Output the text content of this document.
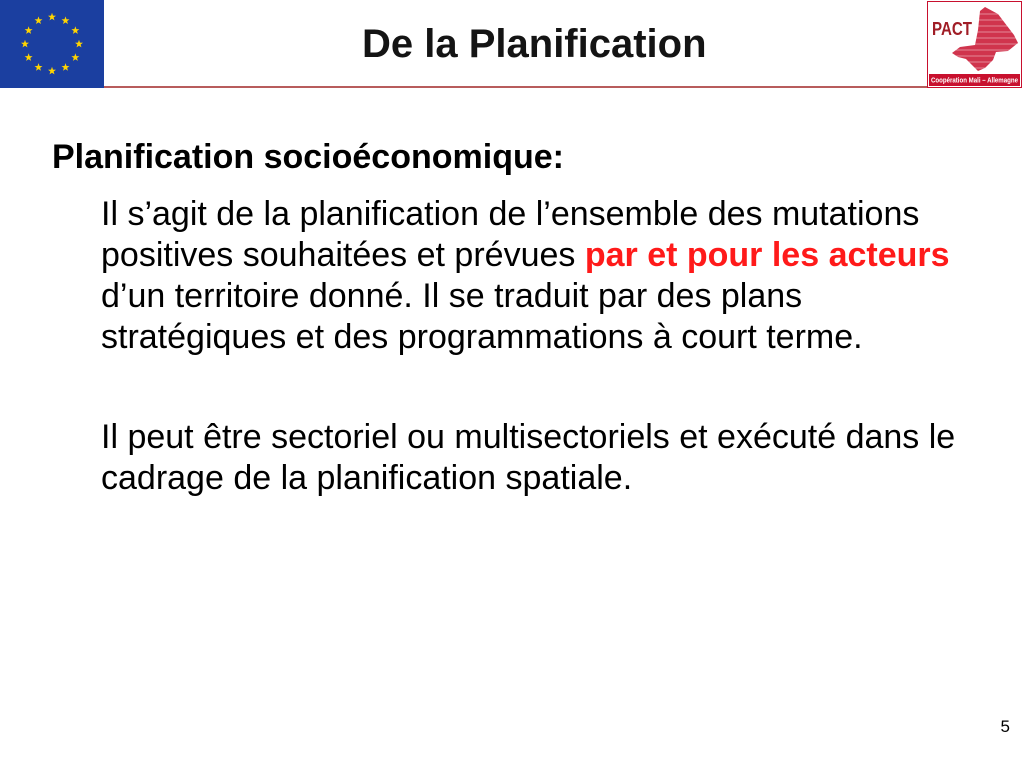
De la Planification	PACT
Coopération Mali – Allemagne
Planification socioéconomique:
Il s’agit de la planification de l’ensemble des mutations
positives souhaitées et prévues par et pour les acteurs
d’un territoire donné. Il se traduit par des plans
stratégiques et des programmations à court terme.
Il peut être sectoriel ou multisectoriels et exécuté dans le
cadrage de la planification spatiale.
5
